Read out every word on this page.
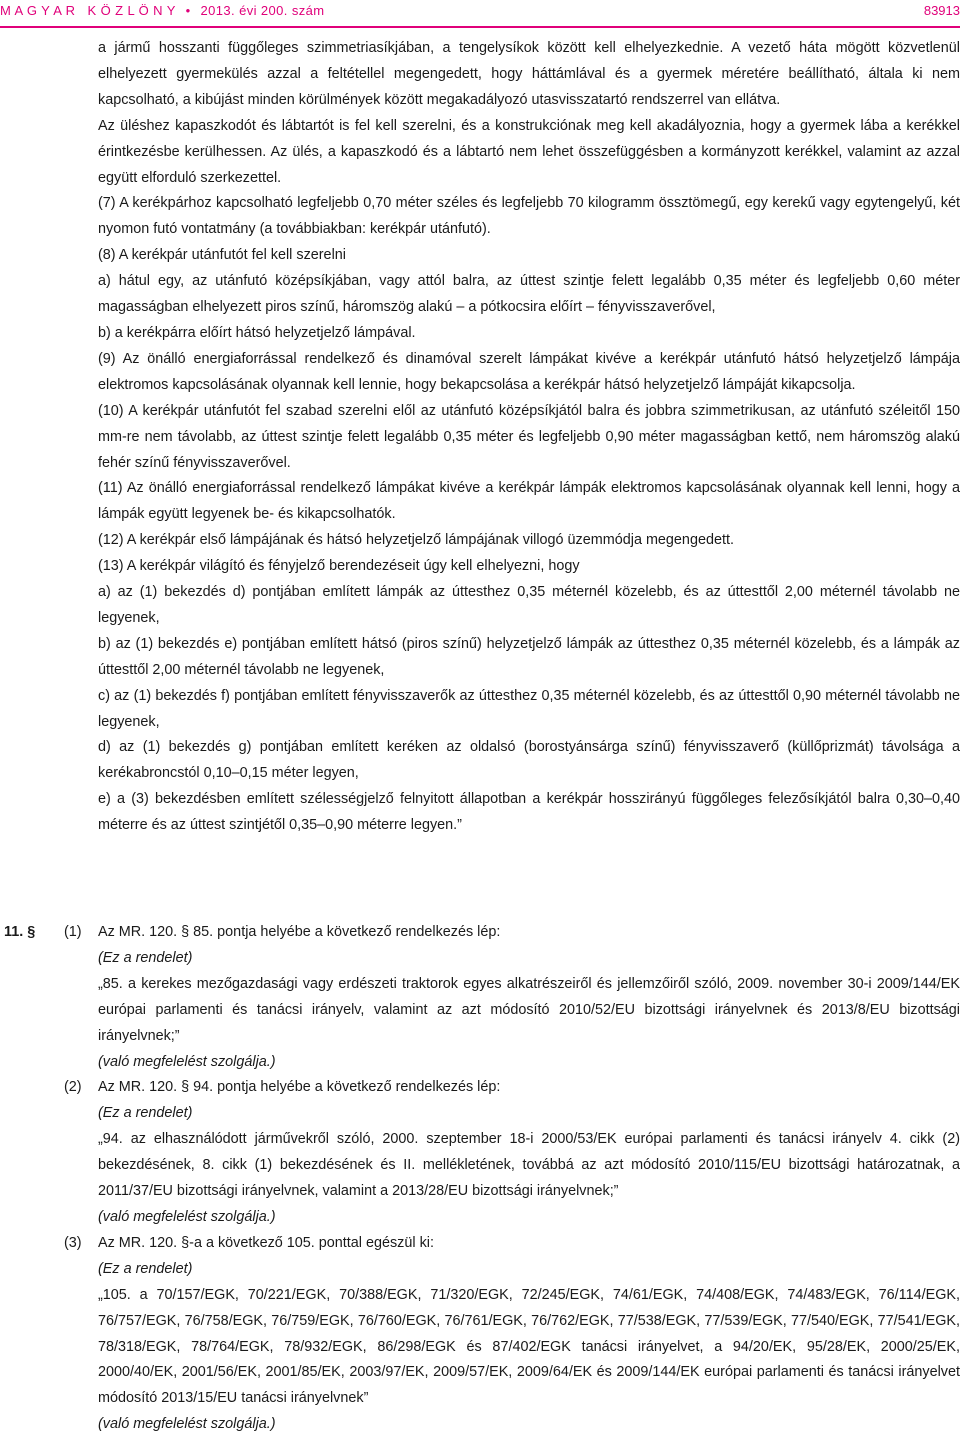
M A G Y A R   K Ö Z L Ö N Y • 2013. évi 200. szám	83913

a jármű hosszanti függőleges szimmetriasíkjában, a tengelysíkok között kell elhelyezkednie. A vezető háta mögött közvetlenül elhelyezett gyermekülés azzal a feltétellel megengedett, hogy háttámlával és a gyermek méretére beállítható, általa ki nem kapcsolható, a kibújást minden körülmények között megakadályozó utasvisszatartó rendszerrel van ellátva.

Az üléshez kapaszkodót és lábtartót is fel kell szerelni, és a konstrukciónak meg kell akadályoznia, hogy a gyermek lába a kerékkel érintkezésbe kerülhessen. Az ülés, a kapaszkodó és a lábtartó nem lehet összefüggésben a kormányzott kerékkel, valamint az azzal együtt elforduló szerkezettel.

(7) A kerékpárhoz kapcsolható legfeljebb 0,70 méter széles és legfeljebb 70 kilogramm össztömegű, egy kerekű vagy egytengelyű, két nyomon futó vontatmány (a továbbiakban: kerékpár utánfutó).

(8) A kerékpár utánfutót fel kell szerelni

a) hátul egy, az utánfutó középsíkjában, vagy attól balra, az úttest szintje felett legalább 0,35 méter és legfeljebb 0,60 méter magasságban elhelyezett piros színű, háromszög alakú – a pótkocsira előírt – fényvisszaverővel,

b) a kerékpárra előírt hátsó helyzetjelző lámpával.

(9) Az önálló energiaforrással rendelkező és dinamóval szerelt lámpákat kivéve a kerékpár utánfutó hátsó helyzetjelző lámpája elektromos kapcsolásának olyannak kell lennie, hogy bekapcsolása a kerékpár hátsó helyzetjelző lámpáját kikapcsolja.

(10) A kerékpár utánfutót fel szabad szerelni elől az utánfutó középsíkjától balra és jobbra szimmetrikusan, az utánfutó széleitől 150 mm-re nem távolabb, az úttest szintje felett legalább 0,35 méter és legfeljebb 0,90 méter magasságban kettő, nem háromszög alakú fehér színű fényvisszaverővel.

(11) Az önálló energiaforrással rendelkező lámpákat kivéve a kerékpár lámpák elektromos kapcsolásának olyannak kell lenni, hogy a lámpák együtt legyenek be- és kikapcsolhatók.

(12) A kerékpár első lámpájának és hátsó helyzetjelző lámpájának villogó üzemmódja megengedett.

(13) A kerékpár világító és fényjelző berendezéseit úgy kell elhelyezni, hogy

a) az (1) bekezdés d) pontjában említett lámpák az úttesthez 0,35 méternél közelebb, és az úttesttől 2,00 méternél távolabb ne legyenek,

b) az (1) bekezdés e) pontjában említett hátsó (piros színű) helyzetjelző lámpák az úttesthez 0,35 méternél közelebb, és a lámpák az úttesttől 2,00 méternél távolabb ne legyenek,

c) az (1) bekezdés f) pontjában említett fényvisszaverők az úttesthez 0,35 méternél közelebb, és az úttesttől 0,90 méternél távolabb ne legyenek,

d) az (1) bekezdés g) pontjában említett keréken az oldalsó (borostyánsárga színű) fényvisszaverő (küllőprizmát) távolsága a kerékabroncstól 0,10–0,15 méter legyen,

e) a (3) bekezdésben említett szélességjelző felnyitott állapotban a kerékpár hosszirányú függőleges felezősíkjától balra 0,30–0,40 méterre és az úttest szintjétől 0,35–0,90 méterre legyen.”

11. § (1) Az MR. 120. § 85. pontja helyébe a következő rendelkezés lép:
(Ez a rendelet)
„85. a kerekes mezőgazdasági vagy erdészeti traktorok egyes alkatrészeiről és jellemzőiről szóló, 2009. november 30-i 2009/144/EK európai parlamenti és tanácsi irányelv, valamint az azt módosító 2010/52/EU bizottsági irányelvnek és 2013/8/EU bizottsági irányelvnek;”
(való megfelelést szolgálja.)
(2) Az MR. 120. § 94. pontja helyébe a következő rendelkezés lép:
(Ez a rendelet)
„94. az elhasználódott járművekről szóló, 2000. szeptember 18-i 2000/53/EK európai parlamenti és tanácsi irányelv 4. cikk (2) bekezdésének, 8. cikk (1) bekezdésének és II. mellékletének, továbbá az azt módosító 2010/115/EU bizottsági határozatnak, a 2011/37/EU bizottsági irányelvnek, valamint a 2013/28/EU bizottsági irányelvnek;”
(való megfelelést szolgálja.)
(3) Az MR. 120. §-a a következő 105. ponttal egészül ki:
(Ez a rendelet)
„105. a 70/157/EGK, 70/221/EGK, 70/388/EGK, 71/320/EGK, 72/245/EGK, 74/61/EGK, 74/408/EGK, 74/483/EGK, 76/114/EGK, 76/757/EGK, 76/758/EGK, 76/759/EGK, 76/760/EGK, 76/761/EGK, 76/762/EGK, 77/538/EGK, 77/539/EGK, 77/540/EGK, 77/541/EGK, 78/318/EGK, 78/764/EGK, 78/932/EGK, 86/298/EGK és 87/402/EGK tanácsi irányelvet, a 94/20/EK, 95/28/EK, 2000/25/EK, 2000/40/EK, 2001/56/EK, 2001/85/EK, 2003/97/EK, 2009/57/EK, 2009/64/EK és 2009/144/EK európai parlamenti és tanácsi irányelvet módosító 2013/15/EU tanácsi irányelvnek”
(való megfelelést szolgálja.)
